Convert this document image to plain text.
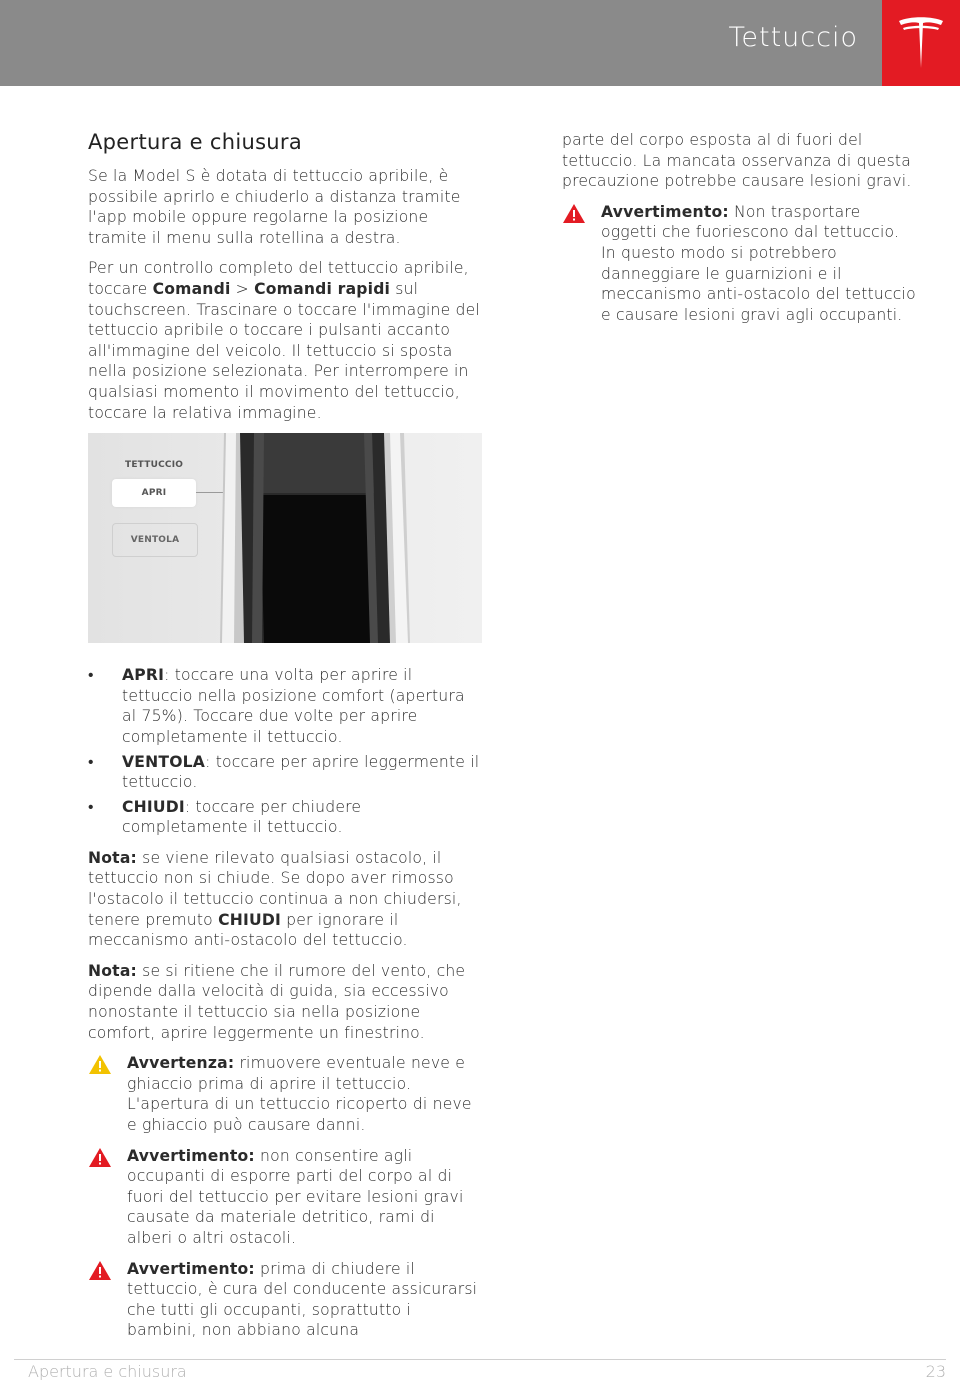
Tettuccio
Apertura e chiusura

Se la Model S è dotata di tettuccio apribile, è possibile aprirlo e chiuderlo a distanza tramite l'app mobile oppure regolarne la posizione tramite il menu sulla rotellina a destra.

Per un controllo completo del tettuccio apribile, toccare Comandi > Comandi rapidi sul touchscreen. Trascinare o toccare l'immagine del tettuccio apribile o toccare i pulsanti accanto all'immagine del veicolo. Il tettuccio si sposta nella posizione selezionata. Per interrompere in qualsiasi momento il movimento del tettuccio, toccare la relativa immagine.

TETTUCCIO
APRI
VENTOLA
• APRI: toccare una volta per aprire il tettuccio nella posizione comfort (apertura al 75%). Toccare due volte per aprire completamente il tettuccio.
• VENTOLA: toccare per aprire leggermente il tettuccio.
• CHIUDI: toccare per chiudere completamente il tettuccio.

Nota: se viene rilevato qualsiasi ostacolo, il tettuccio non si chiude. Se dopo aver rimosso l'ostacolo il tettuccio continua a non chiudersi, tenere premuto CHIUDI per ignorare il meccanismo anti-ostacolo del tettuccio.

Nota: se si ritiene che il rumore del vento, che dipende dalla velocità di guida, sia eccessivo nonostante il tettuccio sia nella posizione comfort, aprire leggermente un finestrino.

Avvertenza: rimuovere eventuale neve e ghiaccio prima di aprire il tettuccio. L'apertura di un tettuccio ricoperto di neve e ghiaccio può causare danni.
Avvertimento: non consentire agli occupanti di esporre parti del corpo al di fuori del tettuccio per evitare lesioni gravi causate da materiale detritico, rami di alberi o altri ostacoli.
Avvertimento: prima di chiudere il tettuccio, è cura del conducente assicurarsi che tutti gli occupanti, soprattutto i bambini, non abbiano alcuna

parte del corpo esposta al di fuori del tettuccio. La mancata osservanza di questa precauzione potrebbe causare lesioni gravi.

Avvertimento: Non trasportare oggetti che fuoriescono dal tettuccio. In questo modo si potrebbero danneggiare le guarnizioni e il meccanismo anti-ostacolo del tettuccio e causare lesioni gravi agli occupanti.
Apertura e chiusura	23
